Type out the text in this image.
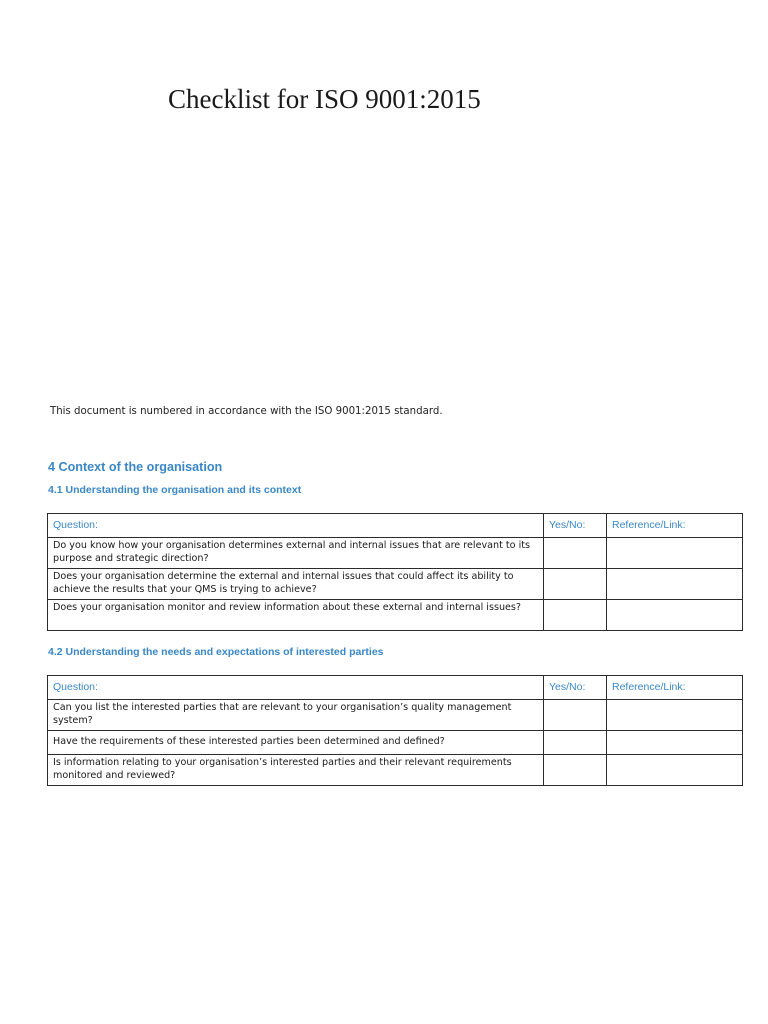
Checklist for ISO 9001:2015

This document is numbered in accordance with the ISO 9001:2015 standard.

4 Context of the organisation
4.1 Understanding the organisation and its context
Question:	Yes/No:	Reference/Link:
Do you know how your organisation determines external and internal issues that are relevant to its purpose and strategic direction?		
Does your organisation determine the external and internal issues that could affect its ability to achieve the results that your QMS is trying to achieve?		
Does your organisation monitor and review information about these external and internal issues?		
4.2 Understanding the needs and expectations of interested parties
Question:	Yes/No:	Reference/Link:
Can you list the interested parties that are relevant to your organisation’s quality management system?		
Have the requirements of these interested parties been determined and defined?		
Is information relating to your organisation’s interested parties and their relevant requirements monitored and reviewed?		
